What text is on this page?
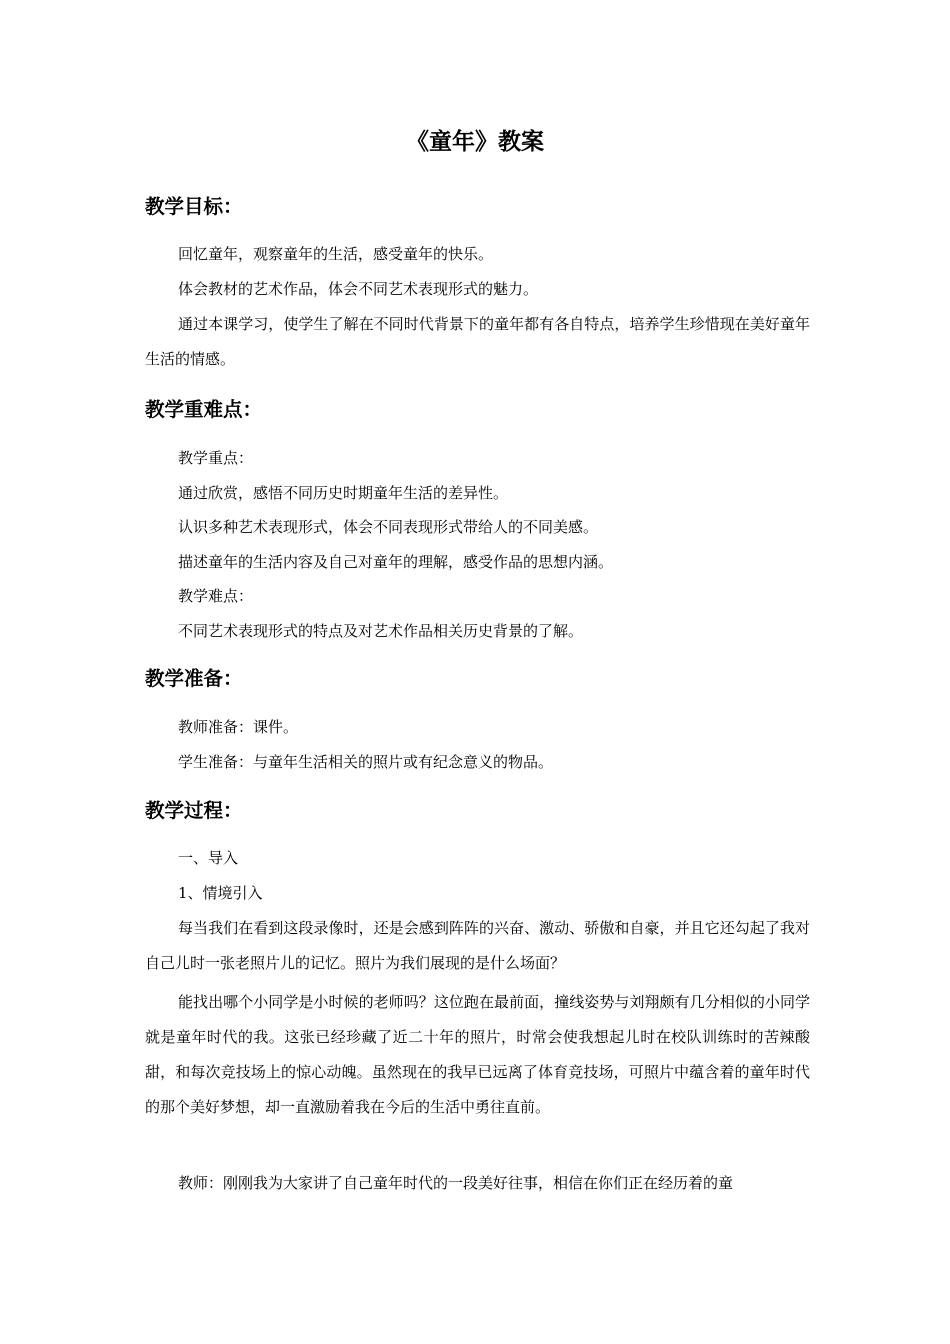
《童年》教案
教学目标：

回忆童年，观察童年的生活，感受童年的快乐。

体会教材的艺术作品，体会不同艺术表现形式的魅力。

通过本课学习，使学生了解在不同时代背景下的童年都有各自特点，培养学生珍惜现在美好童年生活的情感。

教学重难点：

教学重点：

通过欣赏，感悟不同历史时期童年生活的差异性。

认识多种艺术表现形式，体会不同表现形式带给人的不同美感。

描述童年的生活内容及自己对童年的理解，感受作品的思想内涵。

教学难点：

不同艺术表现形式的特点及对艺术作品相关历史背景的了解。

教学准备：

教师准备：课件。

学生准备：与童年生活相关的照片或有纪念意义的物品。

教学过程：

一、导入

1、情境引入

每当我们在看到这段录像时，还是会感到阵阵的兴奋、激动、骄傲和自豪，并且它还勾起了我对自己儿时一张老照片儿的记忆。照片为我们展现的是什么场面？

能找出哪个小同学是小时候的老师吗？这位跑在最前面，撞线姿势与刘翔颇有几分相似的小同学就是童年时代的我。这张已经珍藏了近二十年的照片，时常会使我想起儿时在校队训练时的苦辣酸甜，和每次竞技场上的惊心动魄。虽然现在的我早已远离了体育竞技场，可照片中蕴含着的童年时代的那个美好梦想，却一直激励着我在今后的生活中勇往直前。

教师：刚刚我为大家讲了自己童年时代的一段美好往事，相信在你们正在经历着的童
